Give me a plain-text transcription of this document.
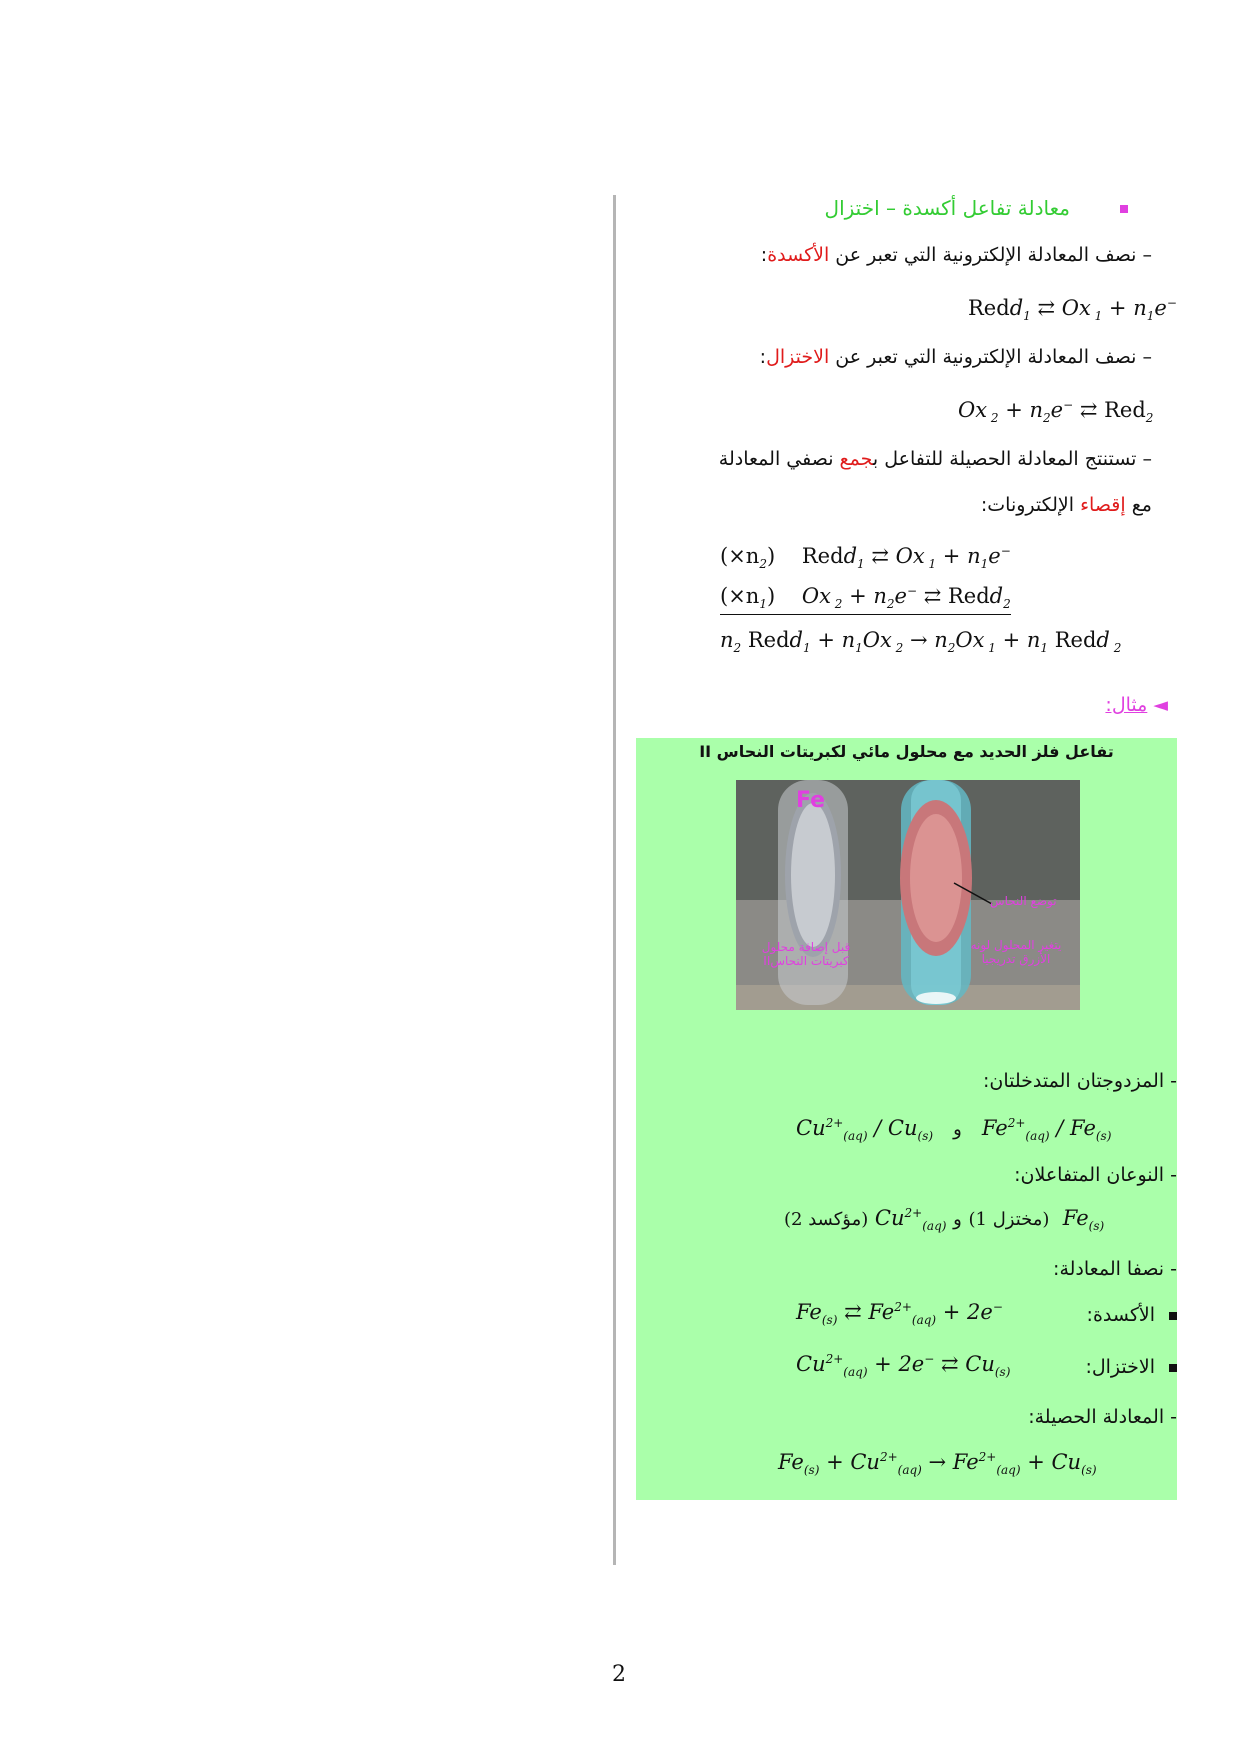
معادلة تفاعل أكسدة – اختزال
– نصف المعادلة الإلكترونية التي تعبر عن الأكسدة:
Redd$_1$ ⇄ Ox $_1 + n_1e^-$
– نصف المعادلة الإلكترونية التي تعبر عن الاختزال:
Ox $_2 + n_2e^-$ ⇄ Red$_2$
– تستنتج المعادلة الحصيلة للتفاعل بجمع نصفي المعادلة
مع إقصاء الإلكترونات:
$(\times n_2)$ Redd$_1$ ⇄ Ox $_1 + n_1e^-$
$(\times n_1)$    Ox $_2 + n_2e^-$ ⇄ Redd$_2$
$n_2$ Redd$_1$ + $n_1Ox$ $_2 \to n_2Ox$ $_1 + n_1$ Redd $_2$
◄ مثال:
تفاعل فلز الحديد مع محلول مائي لكبريتات النحاس II
Fe
توضع النحاس
قبل إضافة محلول
كبريتات النحاسII
يتغير المحلول لونه
الأزرق تدريجيا
- المزدوجتان المتدخلتان:
$Cu^{2+}_{(aq)} / Cu_{(s)}$ و   $Fe^{2+}_{(aq)} / Fe_{(s)}$
- النوعان المتفاعلان:
(مؤكسد 2) $Cu^{2+}_{(aq)}$ و (مختزل 1)  $Fe_{(s)}$
- نصفا المعادلة:
الأكسدة:
$Fe_{(s)}$ ⇄ $Fe^{2+}_{(aq)} + 2e^-$
الاختزال:
$Cu^{2+}_{(aq)} + 2e^-$ ⇄ $Cu_{(s)}$
- المعادلة الحصيلة:
$Fe_{(s)} + Cu^{2+}_{(aq)} \to Fe^{2+}_{(aq)} + Cu_{(s)}$
2
